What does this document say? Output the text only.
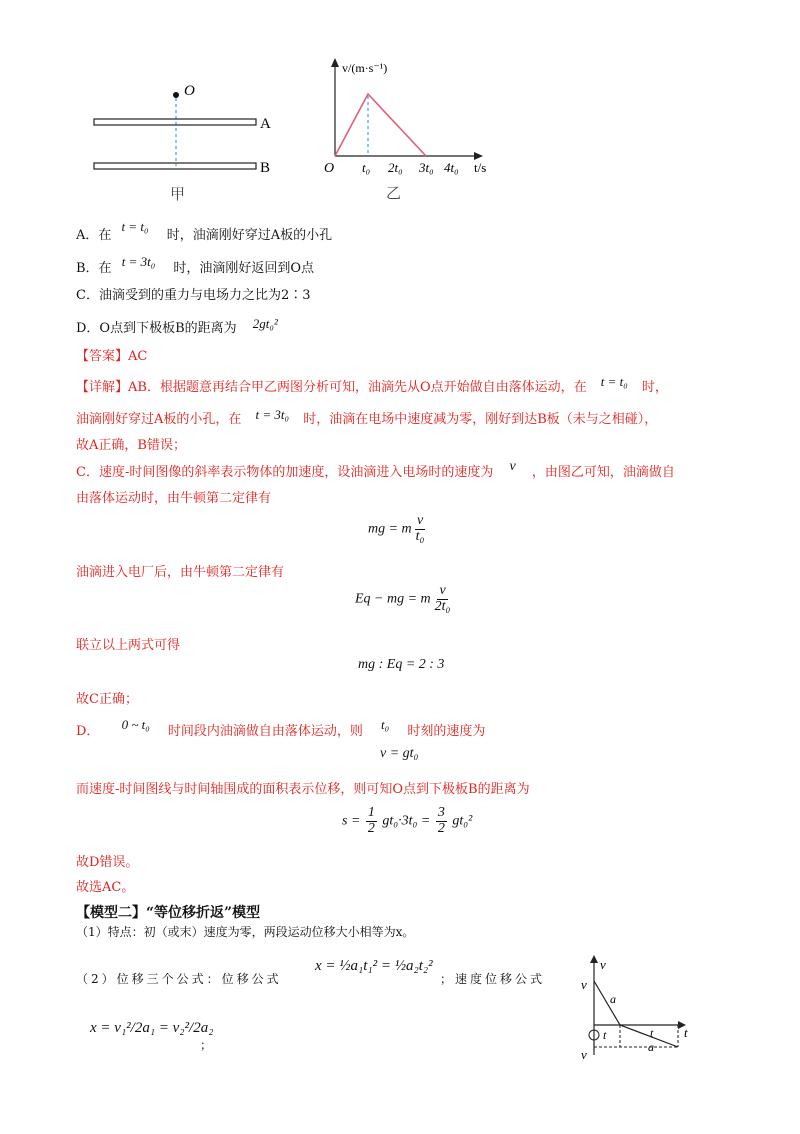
O
A
B
甲
v/(m·s⁻¹)
O t₀ 2t₀ 3t₀ 4t₀ t/s
乙
A．在 t = t₀ 时，油滴刚好穿过A板的小孔
B．在 t = 3t₀ 时，油滴刚好返回到O点
C．油滴受到的重力与电场力之比为2∶3
D．O点到下极板B的距离为 2gt₀²
【答案】AC
【详解】AB．根据题意再结合甲乙两图分析可知，油滴先从O点开始做自由落体运动，在 t = t₀ 时，
油滴刚好穿过A板的小孔，在 t = 3t₀ 时，油滴在电场中速度减为零，刚好到达B板（未与之相碰），
故A正确，B错误；
C．速度-时间图像的斜率表示物体的加速度，设油滴进入电场时的速度为 v ，由图乙可知，油滴做自
由落体运动时，由牛顿第二定律有
mg = m $\frac{v}{\text{t₀}}$
油滴进入电厂后，由牛顿第二定律有
Eq − mg = m $\frac{v}{\text{2t₀}}$
联立以上两式可得
mg : Eq = 2 : 3
故C正确；
D． 0 ~ t₀ 时间段内油滴做自由落体运动，则 t₀ 时刻的速度为
v = gt₀
而速度-时间图线与时间轴围成的面积表示位移，则可知O点到下极板B的距离为
$s = \frac{1}{2} gt_0\cdot 3t_0 = \frac{3}{2} gt_0^2$
故D错误。
故选AC。
【模型二】“等位移折返”模型
（1）特点：初（或末）速度为零，两段运动位移大小相等为x。
（2）位移三个公式：位移公式
x = ½a₁t₁² = ½a₂t₂²
；速度位移公式
x = v₁²/2a₁ = v₂²/2a₂
；
v
t
v
a
t	t
a
v
